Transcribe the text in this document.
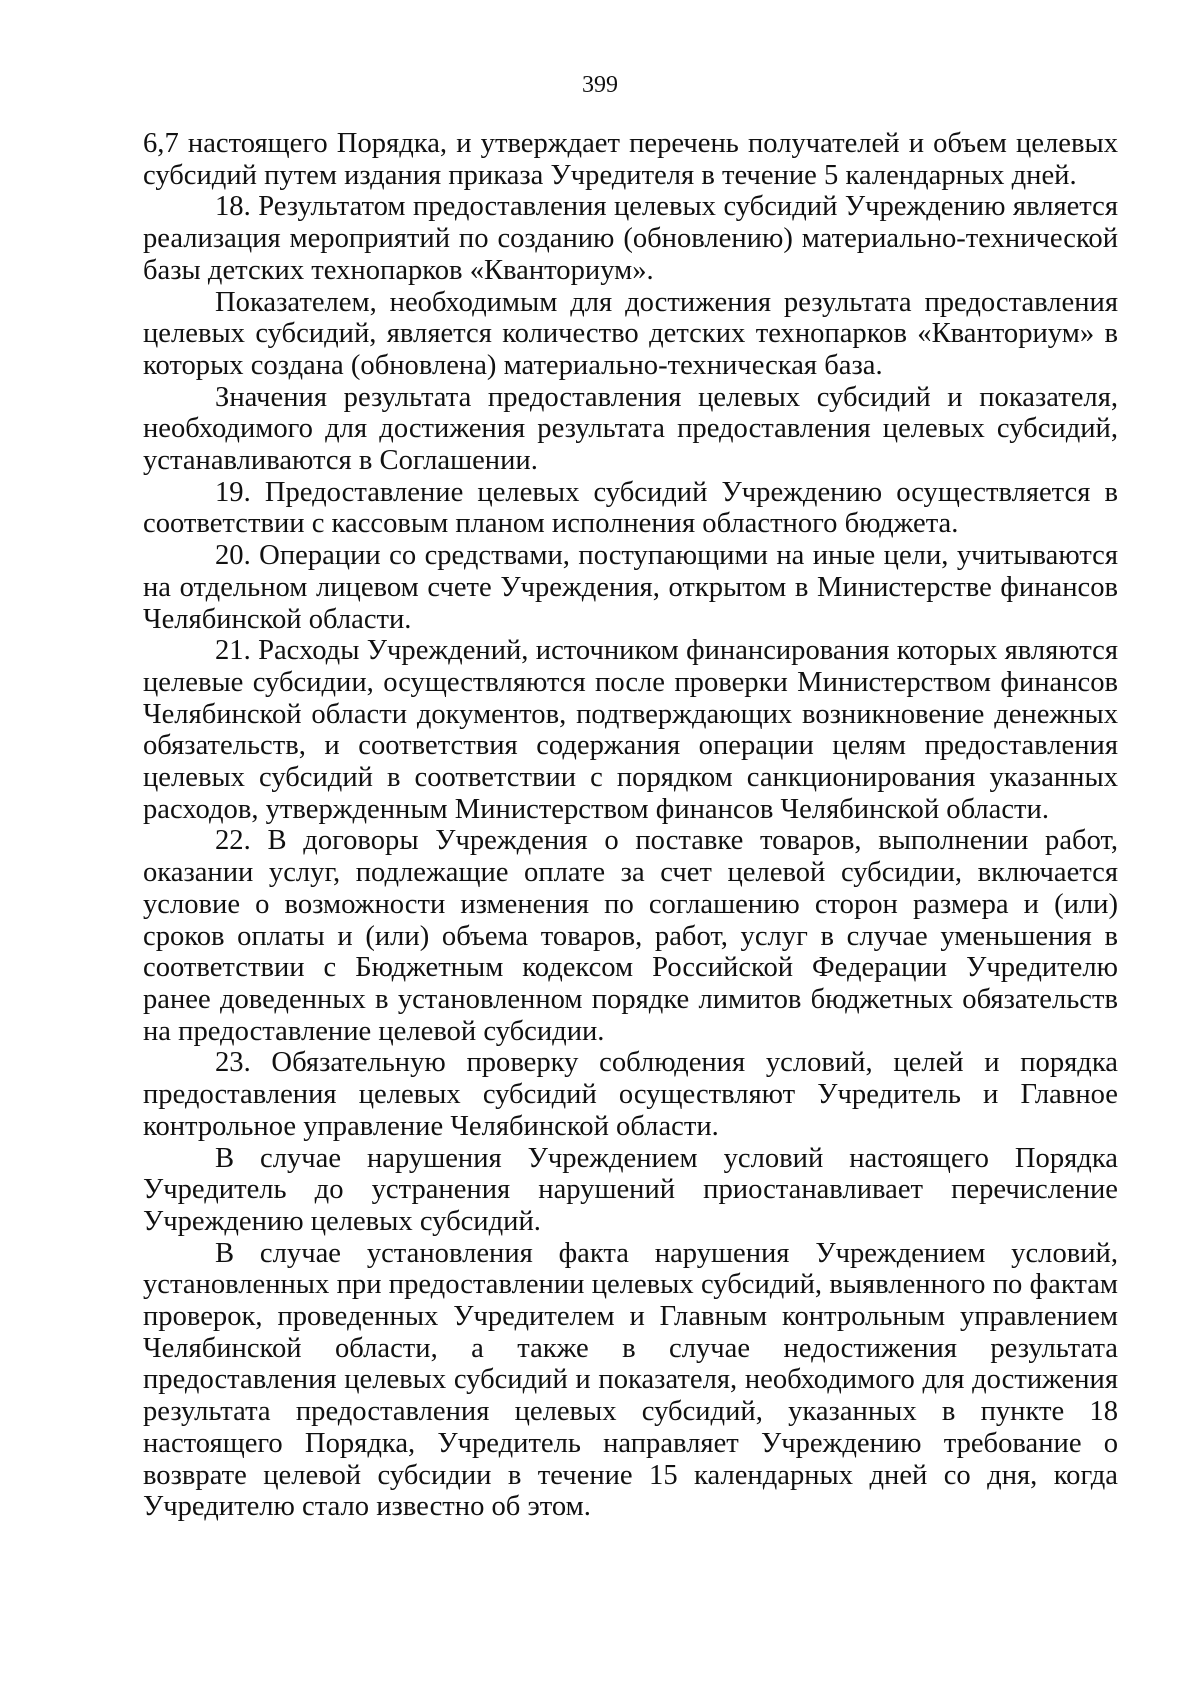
399

6,7 настоящего Порядка, и утверждает перечень получателей и объем целевых субсидий путем издания приказа Учредителя в течение 5 календарных дней.

18. Результатом предоставления целевых субсидий Учреждению является реализация мероприятий по созданию (обновлению) материально-технической базы детских технопарков «Кванториум».

Показателем, необходимым для достижения результата предоставления целевых субсидий, является количество детских технопарков «Кванториум» в которых создана (обновлена) материально-техническая база.

Значения результата предоставления целевых субсидий и показателя, необходимого для достижения результата предоставления целевых субсидий, устанавливаются в Соглашении.

19. Предоставление целевых субсидий Учреждению осуществляется в соответствии с кассовым планом исполнения областного бюджета.

20. Операции со средствами, поступающими на иные цели, учитываются на отдельном лицевом счете Учреждения, открытом в Министерстве финансов Челябинской области.

21. Расходы Учреждений, источником финансирования которых являются целевые субсидии, осуществляются после проверки Министерством финансов Челябинской области документов, подтверждающих возникновение денежных обязательств, и соответствия содержания операции целям предоставления целевых субсидий в соответствии с порядком санкционирования указанных расходов, утвержденным Министерством финансов Челябинской области.

22. В договоры Учреждения о поставке товаров, выполнении работ, оказании услуг, подлежащие оплате за счет целевой субсидии, включается условие о возможности изменения по соглашению сторон размера и (или) сроков оплаты и (или) объема товаров, работ, услуг в случае уменьшения в соответствии с Бюджетным кодексом Российской Федерации Учредителю ранее доведенных в установленном порядке лимитов бюджетных обязательств на предоставление целевой субсидии.

23. Обязательную проверку соблюдения условий, целей и порядка предоставления целевых субсидий осуществляют Учредитель и Главное контрольное управление Челябинской области.

В случае нарушения Учреждением условий настоящего Порядка Учредитель до устранения нарушений приостанавливает перечисление Учреждению целевых субсидий.

В случае установления факта нарушения Учреждением условий, установленных при предоставлении целевых субсидий, выявленного по фактам проверок, проведенных Учредителем и Главным контрольным управлением Челябинской области, а также в случае недостижения результата предоставления целевых субсидий и показателя, необходимого для достижения результата предоставления целевых субсидий, указанных в пункте 18 настоящего Порядка, Учредитель направляет Учреждению требование о возврате целевой субсидии в течение 15 календарных дней со дня, когда Учредителю стало известно об этом.
